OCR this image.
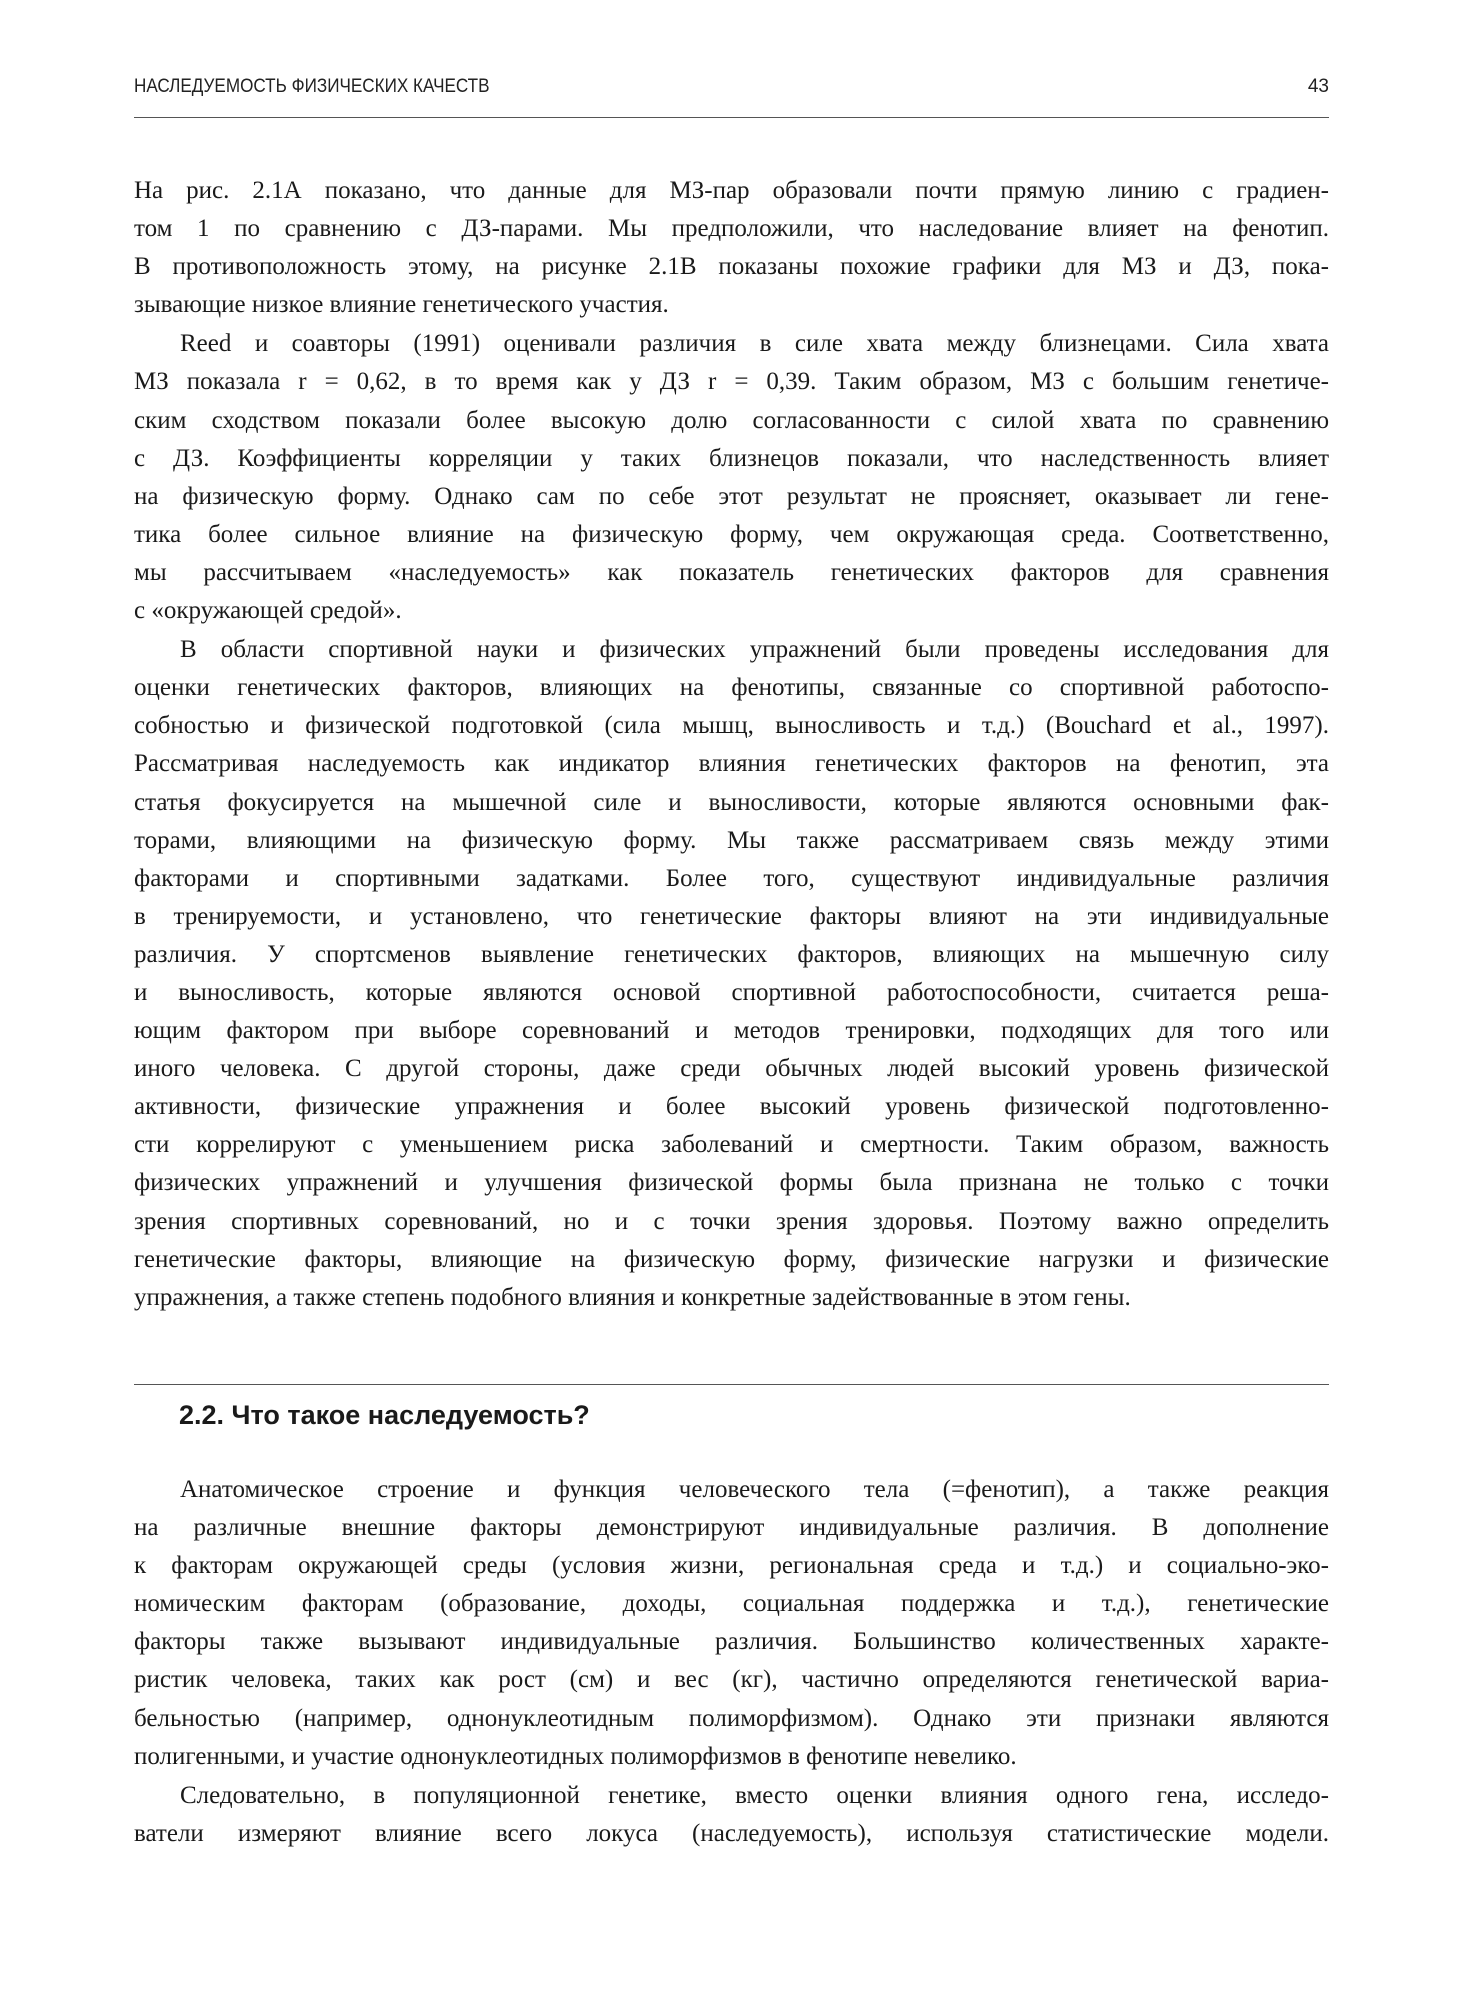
НАСЛЕДУЕМОСТЬ ФИЗИЧЕСКИХ КАЧЕСТВ	43
На рис. 2.1А показано, что данные для МЗ-пар образовали почти прямую линию с градиен-
том 1 по сравнению с ДЗ-парами. Мы предположили, что наследование влияет на фенотип.
В противоположность этому, на рисунке 2.1В показаны похожие графики для МЗ и ДЗ, пока-
зывающие низкое влияние генетического участия.
Reed и соавторы (1991) оценивали различия в силе хвата между близнецами. Сила хвата
МЗ показала r = 0,62, в то время как у ДЗ r = 0,39. Таким образом, МЗ с большим генетиче-
ским сходством показали более высокую долю согласованности с силой хвата по сравнению
с ДЗ. Коэффициенты корреляции у таких близнецов показали, что наследственность влияет
на физическую форму. Однако сам по себе этот результат не проясняет, оказывает ли гене-
тика более сильное влияние на физическую форму, чем окружающая среда. Соответственно,
мы рассчитываем «наследуемость» как показатель генетических факторов для сравнения
с «окружающей средой».
В области спортивной науки и физических упражнений были проведены исследования для
оценки генетических факторов, влияющих на фенотипы, связанные со спортивной работоспо-
собностью и физической подготовкой (сила мышц, выносливость и т.д.) (Bouchard et al., 1997).
Рассматривая наследуемость как индикатор влияния генетических факторов на фенотип, эта
статья фокусируется на мышечной силе и выносливости, которые являются основными фак-
торами, влияющими на физическую форму. Мы также рассматриваем связь между этими
факторами и спортивными задатками. Более того, существуют индивидуальные различия
в тренируемости, и установлено, что генетические факторы влияют на эти индивидуальные
различия. У спортсменов выявление генетических факторов, влияющих на мышечную силу
и выносливость, которые являются основой спортивной работоспособности, считается реша-
ющим фактором при выборе соревнований и методов тренировки, подходящих для того или
иного человека. С другой стороны, даже среди обычных людей высокий уровень физической
активности, физические упражнения и более высокий уровень физической подготовленно-
сти коррелируют с уменьшением риска заболеваний и смертности. Таким образом, важность
физических упражнений и улучшения физической формы была признана не только с точки
зрения спортивных соревнований, но и с точки зрения здоровья. Поэтому важно определить
генетические факторы, влияющие на физическую форму, физические нагрузки и физические
упражнения, а также степень подобного влияния и конкретные задействованные в этом гены.
2.2. Что такое наследуемость?
Анатомическое строение и функция человеческого тела (=фенотип), а также реакция
на различные внешние факторы демонстрируют индивидуальные различия. В дополнение
к факторам окружающей среды (условия жизни, региональная среда и т.д.) и социально-эко-
номическим факторам (образование, доходы, социальная поддержка и т.д.), генетические
факторы также вызывают индивидуальные различия. Большинство количественных характе-
ристик человека, таких как рост (см) и вес (кг), частично определяются генетической вариа-
бельностью (например, однонуклеотидным полиморфизмом). Однако эти признаки являются
полигенными, и участие однонуклеотидных полиморфизмов в фенотипе невелико.
Следовательно, в популяционной генетике, вместо оценки влияния одного гена, исследо-
ватели измеряют влияние всего локуса (наследуемость), используя статистические модели.
